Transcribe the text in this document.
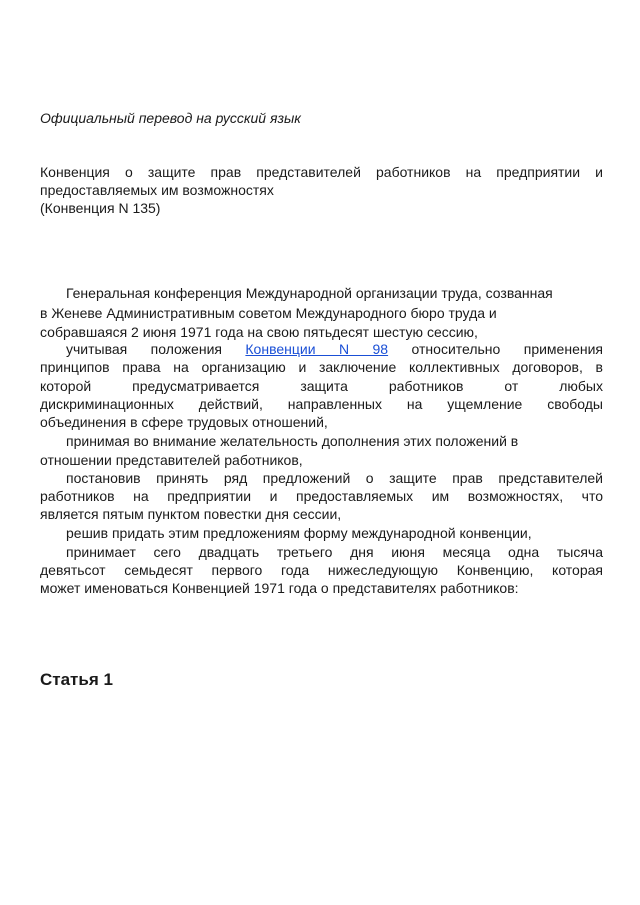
Официальный перевод на русский язык
Конвенция о защите прав представителей работников на предприятии и
предоставляемых им возможностях
(Конвенция N 135)
Генеральная конференция Международной организации труда, созванная
в Женеве Административным советом Международного бюро труда и
собравшаяся 2 июня 1971 года на свою пятьдесят шестую сессию,
учитывая положения Конвенции N 98 относительно применения
принципов права на организацию и заключение коллективных договоров, в
которой предусматривается защита работников от любых
дискриминационных действий, направленных на ущемление свободы
объединения в сфере трудовых отношений,
принимая во внимание желательность дополнения этих положений в
отношении представителей работников,
постановив принять ряд предложений о защите прав представителей
работников на предприятии и предоставляемых им возможностях, что
является пятым пунктом повестки дня сессии,
решив придать этим предложениям форму международной конвенции,
принимает сего двадцать третьего дня июня месяца одна тысяча
девятьсот семьдесят первого года нижеследующую Конвенцию, которая
может именоваться Конвенцией 1971 года о представителях работников:
Статья 1
